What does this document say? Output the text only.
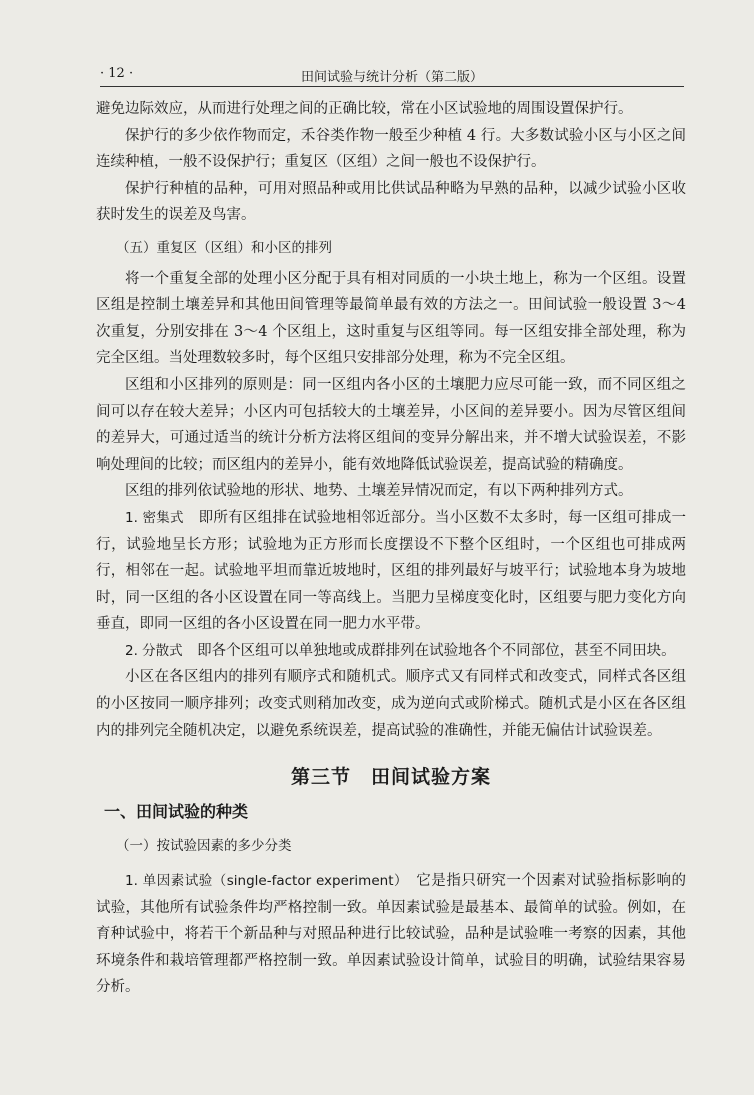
· 12 ·	田间试验与统计分析（第二版）

避免边际效应，从而进行处理之间的正确比较，常在小区试验地的周围设置保护行。

保护行的多少依作物而定，禾谷类作物一般至少种植 4 行。大多数试验小区与小区之间连续种植，一般不设保护行；重复区（区组）之间一般也不设保护行。

保护行种植的品种，可用对照品种或用比供试品种略为早熟的品种，以减少试验小区收获时发生的误差及鸟害。

（五）重复区（区组）和小区的排列

将一个重复全部的处理小区分配于具有相对同质的一小块土地上，称为一个区组。设置区组是控制土壤差异和其他田间管理等最简单最有效的方法之一。田间试验一般设置 3～4 次重复，分别安排在 3～4 个区组上，这时重复与区组等同。每一区组安排全部处理，称为完全区组。当处理数较多时，每个区组只安排部分处理，称为不完全区组。

区组和小区排列的原则是：同一区组内各小区的土壤肥力应尽可能一致，而不同区组之间可以存在较大差异；小区内可包括较大的土壤差异，小区间的差异要小。因为尽管区组间的差异大，可通过适当的统计分析方法将区组间的变异分解出来，并不增大试验误差，不影响处理间的比较；而区组内的差异小，能有效地降低试验误差，提高试验的精确度。

区组的排列依试验地的形状、地势、土壤差异情况而定，有以下两种排列方式。

1. 密集式　即所有区组排在试验地相邻近部分。当小区数不太多时，每一区组可排成一行，试验地呈长方形；试验地为正方形而长度摆设不下整个区组时，一个区组也可排成两行，相邻在一起。试验地平坦而靠近坡地时，区组的排列最好与坡平行；试验地本身为坡地时，同一区组的各小区设置在同一等高线上。当肥力呈梯度变化时，区组要与肥力变化方向垂直，即同一区组的各小区设置在同一肥力水平带。

2. 分散式　即各个区组可以单独地或成群排列在试验地各个不同部位，甚至不同田块。

小区在各区组内的排列有顺序式和随机式。顺序式又有同样式和改变式，同样式各区组的小区按同一顺序排列；改变式则稍加改变，成为逆向式或阶梯式。随机式是小区在各区组内的排列完全随机决定，以避免系统误差，提高试验的准确性，并能无偏估计试验误差。

第三节　田间试验方案
一、田间试验的种类
（一）按试验因素的多少分类

1. 单因素试验（single-factor experiment）　它是指只研究一个因素对试验指标影响的试验，其他所有试验条件均严格控制一致。单因素试验是最基本、最简单的试验。例如，在育种试验中，将若干个新品种与对照品种进行比较试验，品种是试验唯一考察的因素，其他环境条件和栽培管理都严格控制一致。单因素试验设计简单，试验目的明确，试验结果容易分析。
